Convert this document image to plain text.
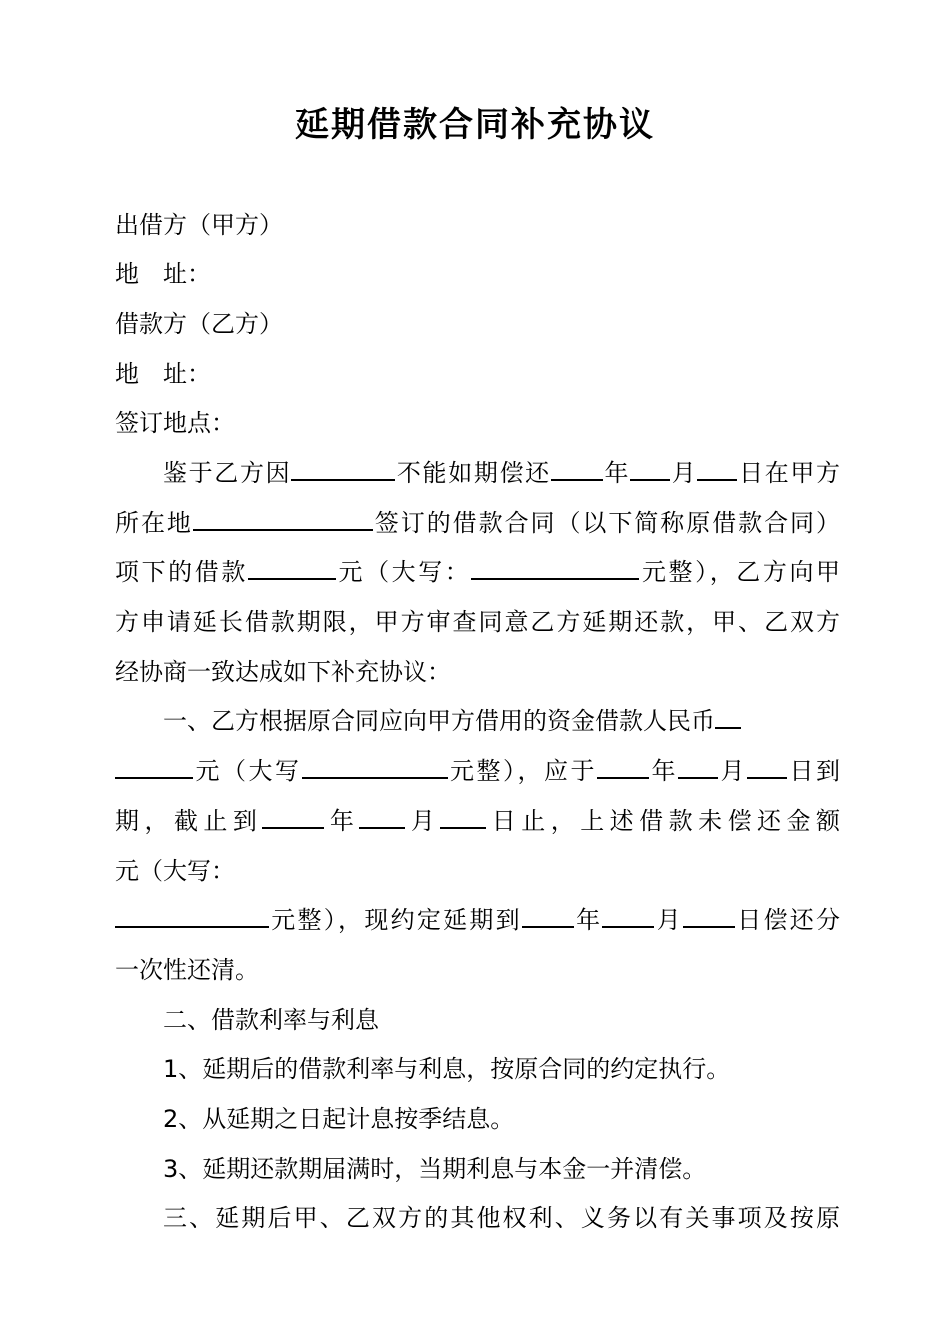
延期借款合同补充协议
出借方（甲方）
地　址：
借款方（乙方）
地　址：
签订地点：
鉴于乙方因	不能如期偿还 年 月 日在甲方
所在地	签订的借款合同（以下简称原借款合同）
项下的借款	元（大写：	元整），乙方向甲
方申请延长借款期限，甲方审查同意乙方延期还款，甲、乙双方
经协商一致达成如下补充协议：
一、乙方根据原合同应向甲方借用的资金借款人民币
元（大写	元整），应于 年 月 日到
期，截止到	年 月 日止，上述借款未偿还金额
元（大写：
元整），现约定延期到 年 月 日偿还分
一次性还清。
二、借款利率与利息
1、延期后的借款利率与利息，按原合同的约定执行。
2、从延期之日起计息按季结息。
3、延期还款期届满时，当期利息与本金一并清偿。
三、延期后甲、乙双方的其他权利、义务以有关事项及按原
